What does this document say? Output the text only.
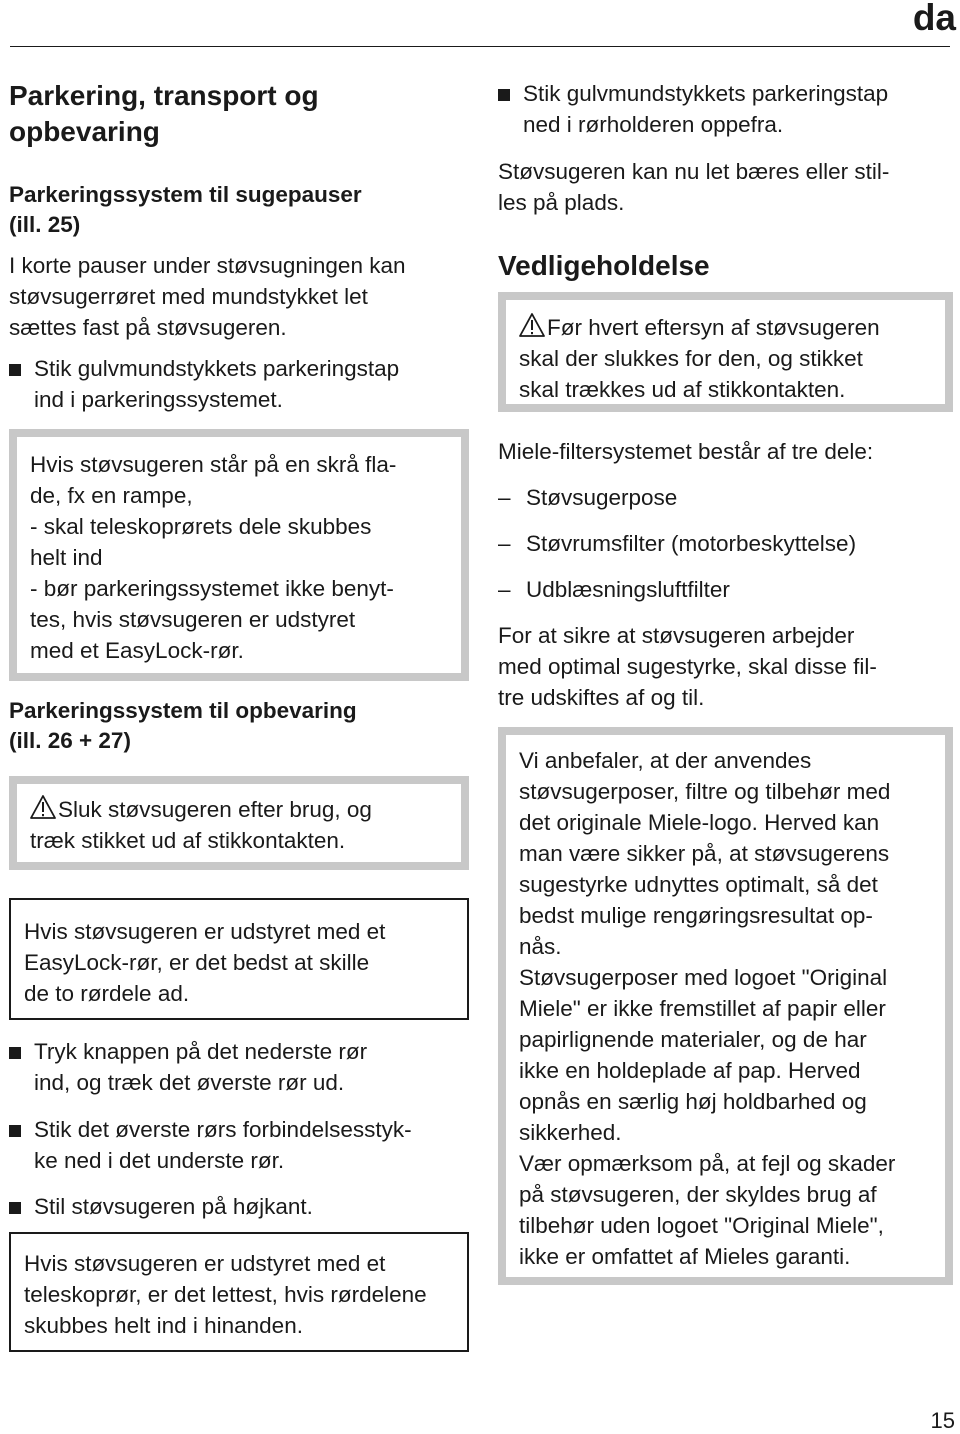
da
Parkering, transport og
opbevaring
Parkeringssystem til sugepauser
(ill. 25)
I korte pauser under støvsugningen kan
støvsugerrøret med mundstykket let
sættes fast på støvsugeren.
Stik gulvmundstykkets parkeringstap
ind i parkeringssystemet.
Hvis støvsugeren står på en skrå fla-
de, fx en rampe,
- skal teleskoprørets dele skubbes
helt ind
- bør parkeringssystemet ikke benyt-
tes, hvis støvsugeren er udstyret
med et EasyLock-rør.
Parkeringssystem til opbevaring
(ill. 26 + 27)
Sluk støvsugeren efter brug, og
træk stikket ud af stikkontakten.
Hvis støvsugeren er udstyret med et
EasyLock-rør, er det bedst at skille
de to rørdele ad.
Tryk knappen på det nederste rør
ind, og træk det øverste rør ud.
Stik det øverste rørs forbindelsesstyk-
ke ned i det underste rør.
Stil støvsugeren på højkant.
Hvis støvsugeren er udstyret med et
teleskoprør, er det lettest, hvis rørdelene
skubbes helt ind i hinanden.
Stik gulvmundstykkets parkeringstap
ned i rørholderen oppefra.
Støvsugeren kan nu let bæres eller stil-
les på plads.
Vedligeholdelse
Før hvert eftersyn af støvsugeren
skal der slukkes for den, og stikket
skal trækkes ud af stikkontakten.
Miele-filtersystemet består af tre dele:
– Støvsugerpose
– Støvrumsfilter (motorbeskyttelse)
– Udblæsningsluftfilter
For at sikre at støvsugeren arbejder
med optimal sugestyrke, skal disse fil-
tre udskiftes af og til.
Vi anbefaler, at der anvendes
støvsugerposer, filtre og tilbehør med
det originale Miele-logo. Herved kan
man være sikker på, at støvsugerens
sugestyrke udnyttes optimalt, så det
bedst mulige rengøringsresultat op-
nås.
Støvsugerposer med logoet "Original
Miele" er ikke fremstillet af papir eller
papirlignende materialer, og de har
ikke en holdeplade af pap. Herved
opnås en særlig høj holdbarhed og
sikkerhed.
Vær opmærksom på, at fejl og skader
på støvsugeren, der skyldes brug af
tilbehør uden logoet "Original Miele",
ikke er omfattet af Mieles garanti.
15
